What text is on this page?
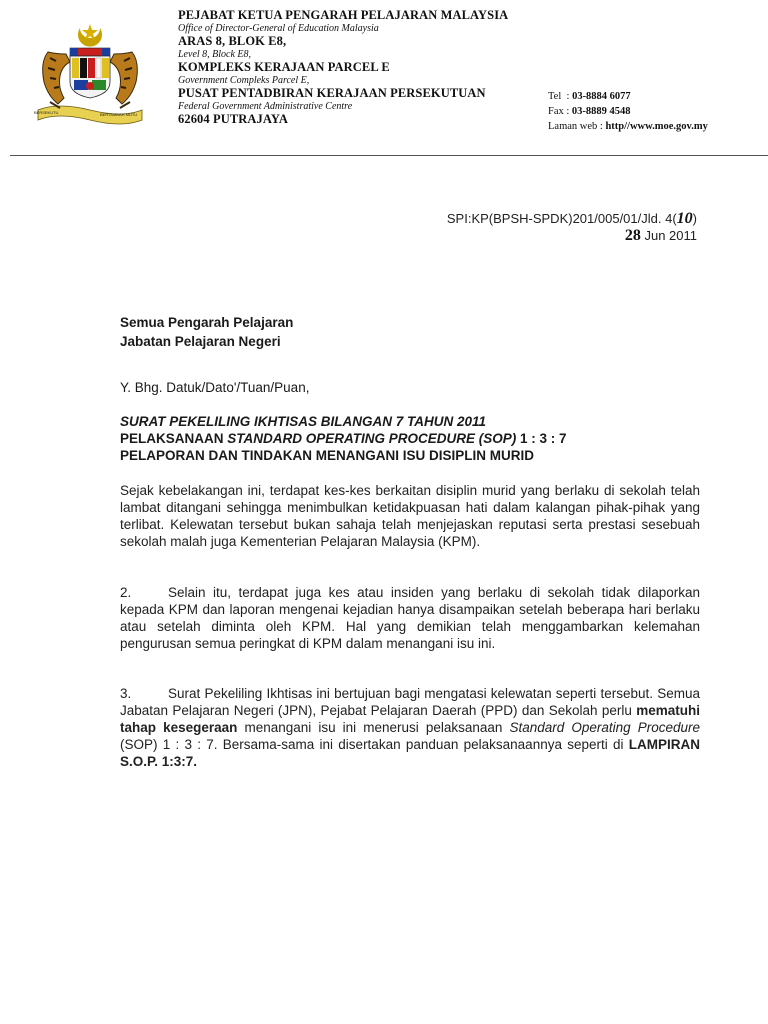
BERSEKUTU	BERTAMBAH MUTU
PEJABAT KETUA PENGARAH PELAJARAN MALAYSIA
Office of Director-General of Education Malaysia
ARAS 8, BLOK E8,
Level 8, Block E8,
KOMPLEKS KERAJAAN PARCEL E
Government Compleks Parcel E,
PUSAT PENTADBIRAN KERAJAAN PERSEKUTUAN
Federal Government Administrative Centre
62604 PUTRAJAYA
Tel  : 03-8884 6077
Fax : 03-8889 4548
Laman web : http//www.moe.gov.my
SPI:KP(BPSH-SPDK)201/005/01/Jld. 4(10)
28 Jun 2011
Semua Pengarah Pelajaran
Jabatan Pelajaran Negeri
Y. Bhg. Datuk/Dato'/Tuan/Puan,
SURAT PEKELILING IKHTISAS BILANGAN 7 TAHUN 2011
PELAKSANAAN STANDARD OPERATING PROCEDURE (SOP) 1 : 3 : 7
PELAPORAN DAN TINDAKAN MENANGANI ISU DISIPLIN MURID
Sejak kebelakangan ini, terdapat kes-kes berkaitan disiplin murid yang berlaku di sekolah telah lambat ditangani sehingga menimbulkan ketidakpuasan hati dalam kalangan pihak-pihak yang terlibat. Kelewatan tersebut bukan sahaja telah menjejaskan reputasi serta prestasi sesebuah sekolah malah juga Kementerian Pelajaran Malaysia (KPM).
2.	Selain itu, terdapat juga kes atau insiden yang berlaku di sekolah tidak dilaporkan kepada KPM dan laporan mengenai kejadian hanya disampaikan setelah beberapa hari berlaku atau setelah diminta oleh KPM. Hal yang demikian telah menggambarkan kelemahan pengurusan semua peringkat di KPM dalam menangani isu ini.
3.	Surat Pekeliling Ikhtisas ini bertujuan bagi mengatasi kelewatan seperti tersebut. Semua Jabatan Pelajaran Negeri (JPN), Pejabat Pelajaran Daerah (PPD) dan Sekolah perlu mematuhi tahap kesegeraan menangani isu ini menerusi pelaksanaan Standard Operating Procedure (SOP) 1 : 3 : 7. Bersama-sama ini disertakan panduan pelaksanaannya seperti di LAMPIRAN S.O.P. 1:3:7.
